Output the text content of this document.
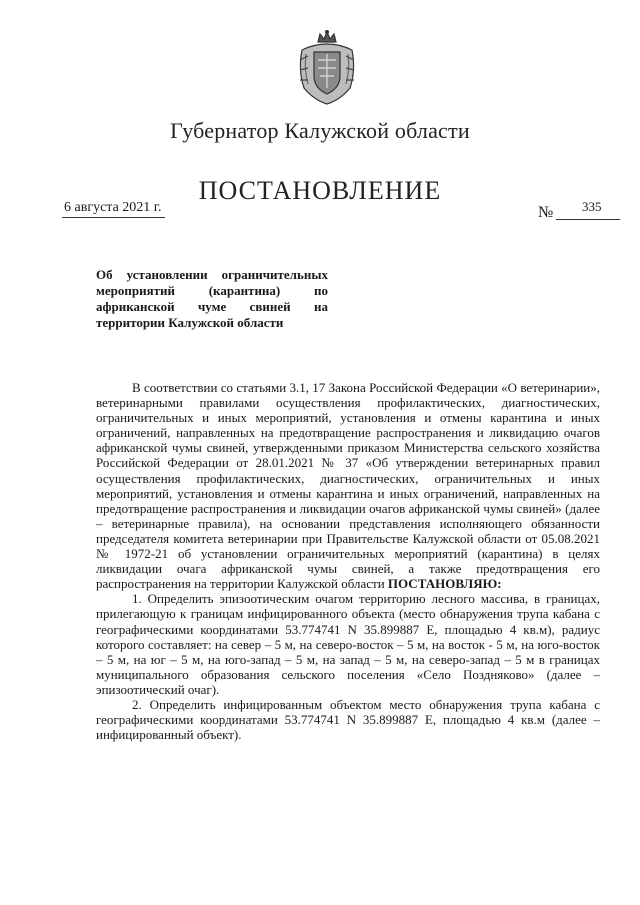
Губернатор Калужской области
ПОСТАНОВЛЕНИЕ
6 августа 2021 г.	№ 335
Об установлении ограничительных мероприятий (карантина) по африканской чуме свиней на территории Калужской области

В соответствии со статьями 3.1, 17 Закона Российской Федерации «О ветеринарии», ветеринарными правилами осуществления профилактических, диагностических, ограничительных и иных мероприятий, установления и отмены карантина и иных ограничений, направленных на предотвращение распространения и ликвидацию очагов африканской чумы свиней, утвержденными приказом Министерства сельского хозяйства Российской Федерации от 28.01.2021 № 37 «Об утверждении ветеринарных правил осуществления профилактических, диагностических, ограничительных и иных мероприятий, установления и отмены карантина и иных ограничений, направленных на предотвращение распространения и ликвидации очагов африканской чумы свиней» (далее – ветеринарные правила), на основании представления исполняющего обязанности председателя комитета ветеринарии при Правительстве Калужской области от 05.08.2021 № 1972-21 об установлении ограничительных мероприятий (карантина) в целях ликвидации очага африканской чумы свиней, а также предотвращения его распространения на территории Калужской области ПОСТАНОВЛЯЮ:

1. Определить эпизоотическим очагом территорию лесного массива, в границах, прилегающую к границам инфицированного объекта (место обнаружения трупа кабана с географическими координатами 53.774741 Ν 35.899887 Ε, площадью 4 кв.м), радиус которого составляет: на север – 5 м, на северо-восток – 5 м, на восток - 5 м, на юго-восток – 5 м, на юг – 5 м, на юго-запад – 5 м, на запад – 5 м, на северо-запад – 5 м в границах муниципального образования сельского поселения «Село Поздняково» (далее – эпизоотический очаг).

2. Определить инфицированным объектом место обнаружения трупа кабана с географическими координатами 53.774741 Ν 35.899887 Ε, площадью 4 кв.м (далее – инфицированный объект).
